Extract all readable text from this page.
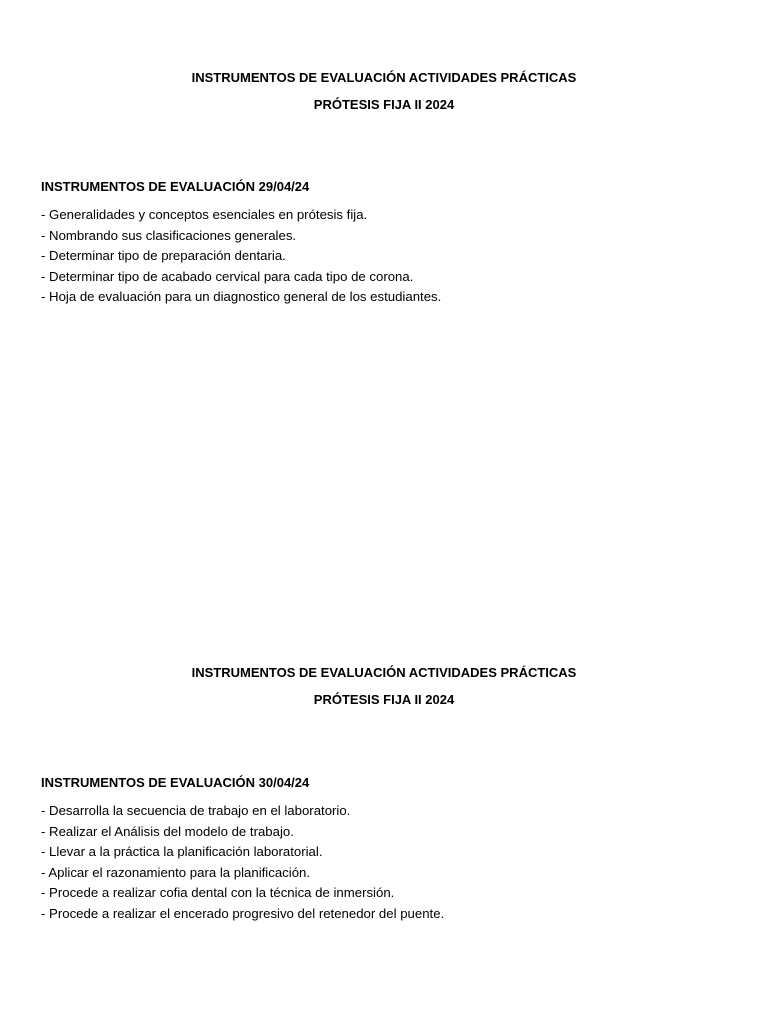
INSTRUMENTOS DE EVALUACIÓN ACTIVIDADES PRÁCTICAS

PRÓTESIS FIJA II 2024

INSTRUMENTOS DE EVALUACIÓN 29/04/24

- Generalidades y conceptos esenciales en prótesis fija.
- Nombrando sus clasificaciones generales.
- Determinar tipo de preparación dentaria.
- Determinar tipo de acabado cervical para cada tipo de corona.
- Hoja de evaluación para un diagnostico general de los estudiantes.

INSTRUMENTOS DE EVALUACIÓN ACTIVIDADES PRÁCTICAS

PRÓTESIS FIJA II 2024

INSTRUMENTOS DE EVALUACIÓN 30/04/24

- Desarrolla la secuencia de trabajo en el laboratorio.
- Realizar el Análisis del modelo de trabajo.
- Llevar a la práctica la planificación laboratorial.
- Aplicar el razonamiento para la planificación.
- Procede a realizar cofia dental con la técnica de inmersión.
- Procede a realizar el encerado progresivo del retenedor del puente.
